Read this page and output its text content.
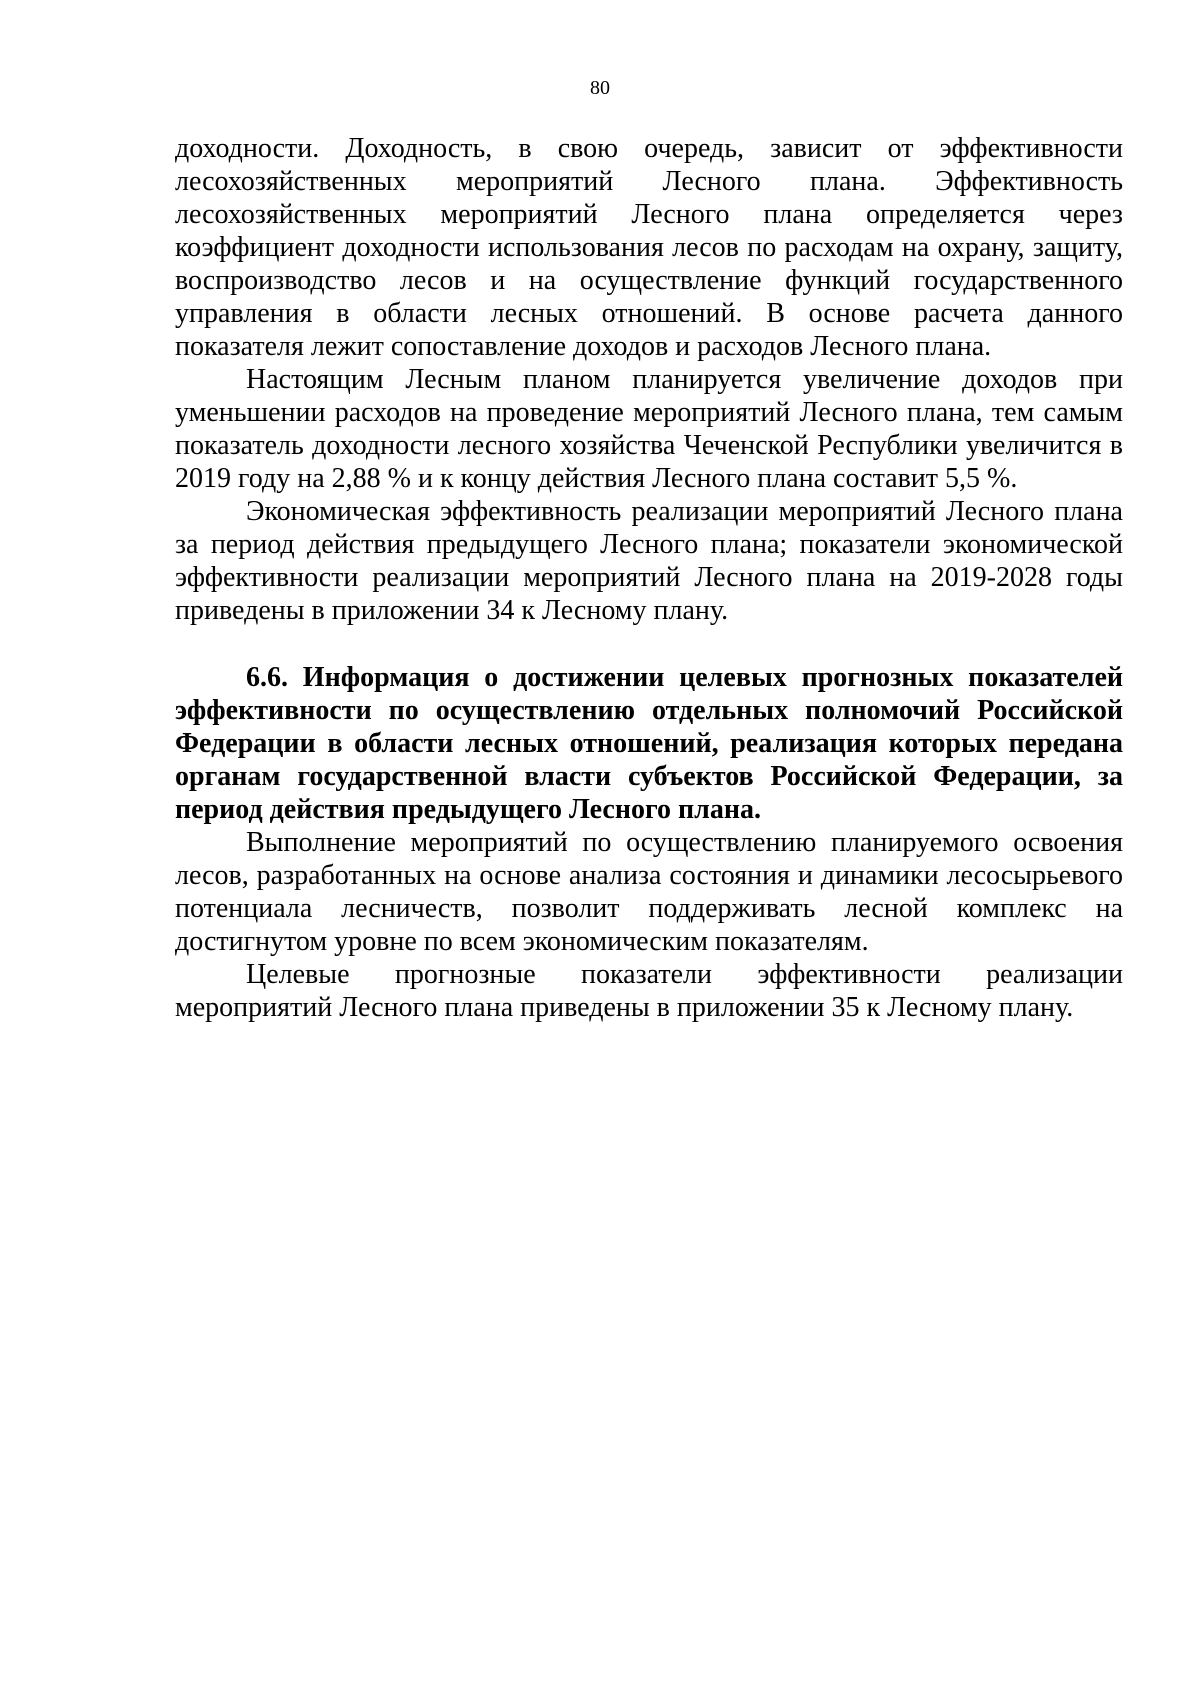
80

доходности. Доходность, в свою очередь, зависит от эффективности лесохозяйственных мероприятий Лесного плана. Эффективность лесохозяйственных мероприятий Лесного плана определяется через коэффициент доходности использования лесов по расходам на охрану, защиту, воспроизводство лесов и на осуществление функций государственного управления в области лесных отношений. В основе расчета данного показателя лежит сопоставление доходов и расходов Лесного плана.

Настоящим Лесным планом планируется увеличение доходов при уменьшении расходов на проведение мероприятий Лесного плана, тем самым показатель доходности лесного хозяйства Чеченской Республики увеличится в 2019 году на 2,88 % и к концу действия Лесного плана составит 5,5 %.

Экономическая эффективность реализации мероприятий Лесного плана за период действия предыдущего Лесного плана; показатели экономической эффективности реализации мероприятий Лесного плана на 2019-2028 годы приведены в приложении 34 к Лесному плану.

6.6. Информация о достижении целевых прогнозных показателей эффективности по осуществлению отдельных полномочий Российской Федерации в области лесных отношений, реализация которых передана органам государственной власти субъектов Российской Федерации, за период действия предыдущего Лесного плана.

Выполнение мероприятий по осуществлению планируемого освоения лесов, разработанных на основе анализа состояния и динамики лесосырьевого потенциала лесничеств, позволит поддерживать лесной комплекс на достигнутом уровне по всем экономическим показателям.

Целевые прогнозные показатели эффективности реализации мероприятий Лесного плана приведены в приложении 35 к Лесному плану.
